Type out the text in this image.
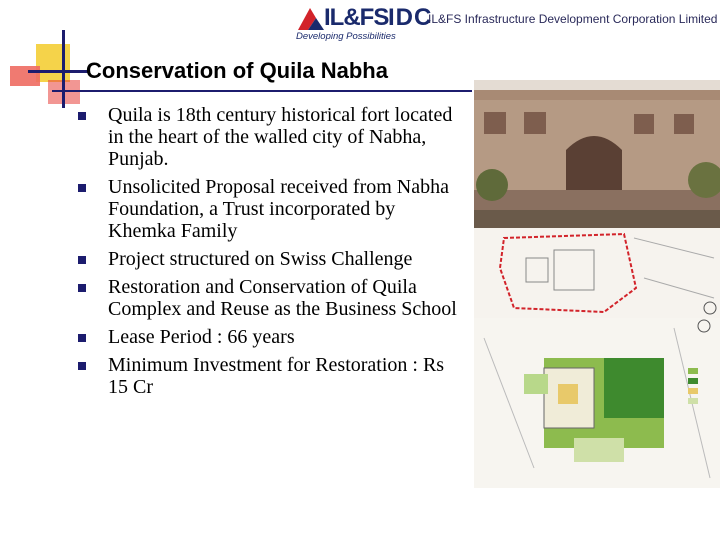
IL&FS IDC
IL&FS Infrastructure Development Corporation Limited
Developing Possibilities
Conservation of Quila Nabha
Quila is 18th century historical fort located in the heart of the walled city of Nabha, Punjab.
Unsolicited Proposal received from Nabha Foundation, a Trust incorporated by Khemka Family
Project structured on Swiss Challenge
Restoration and Conservation of Quila Complex and Reuse as the Business School
Lease Period : 66 years
Minimum Investment for Restoration : Rs 15 Cr
